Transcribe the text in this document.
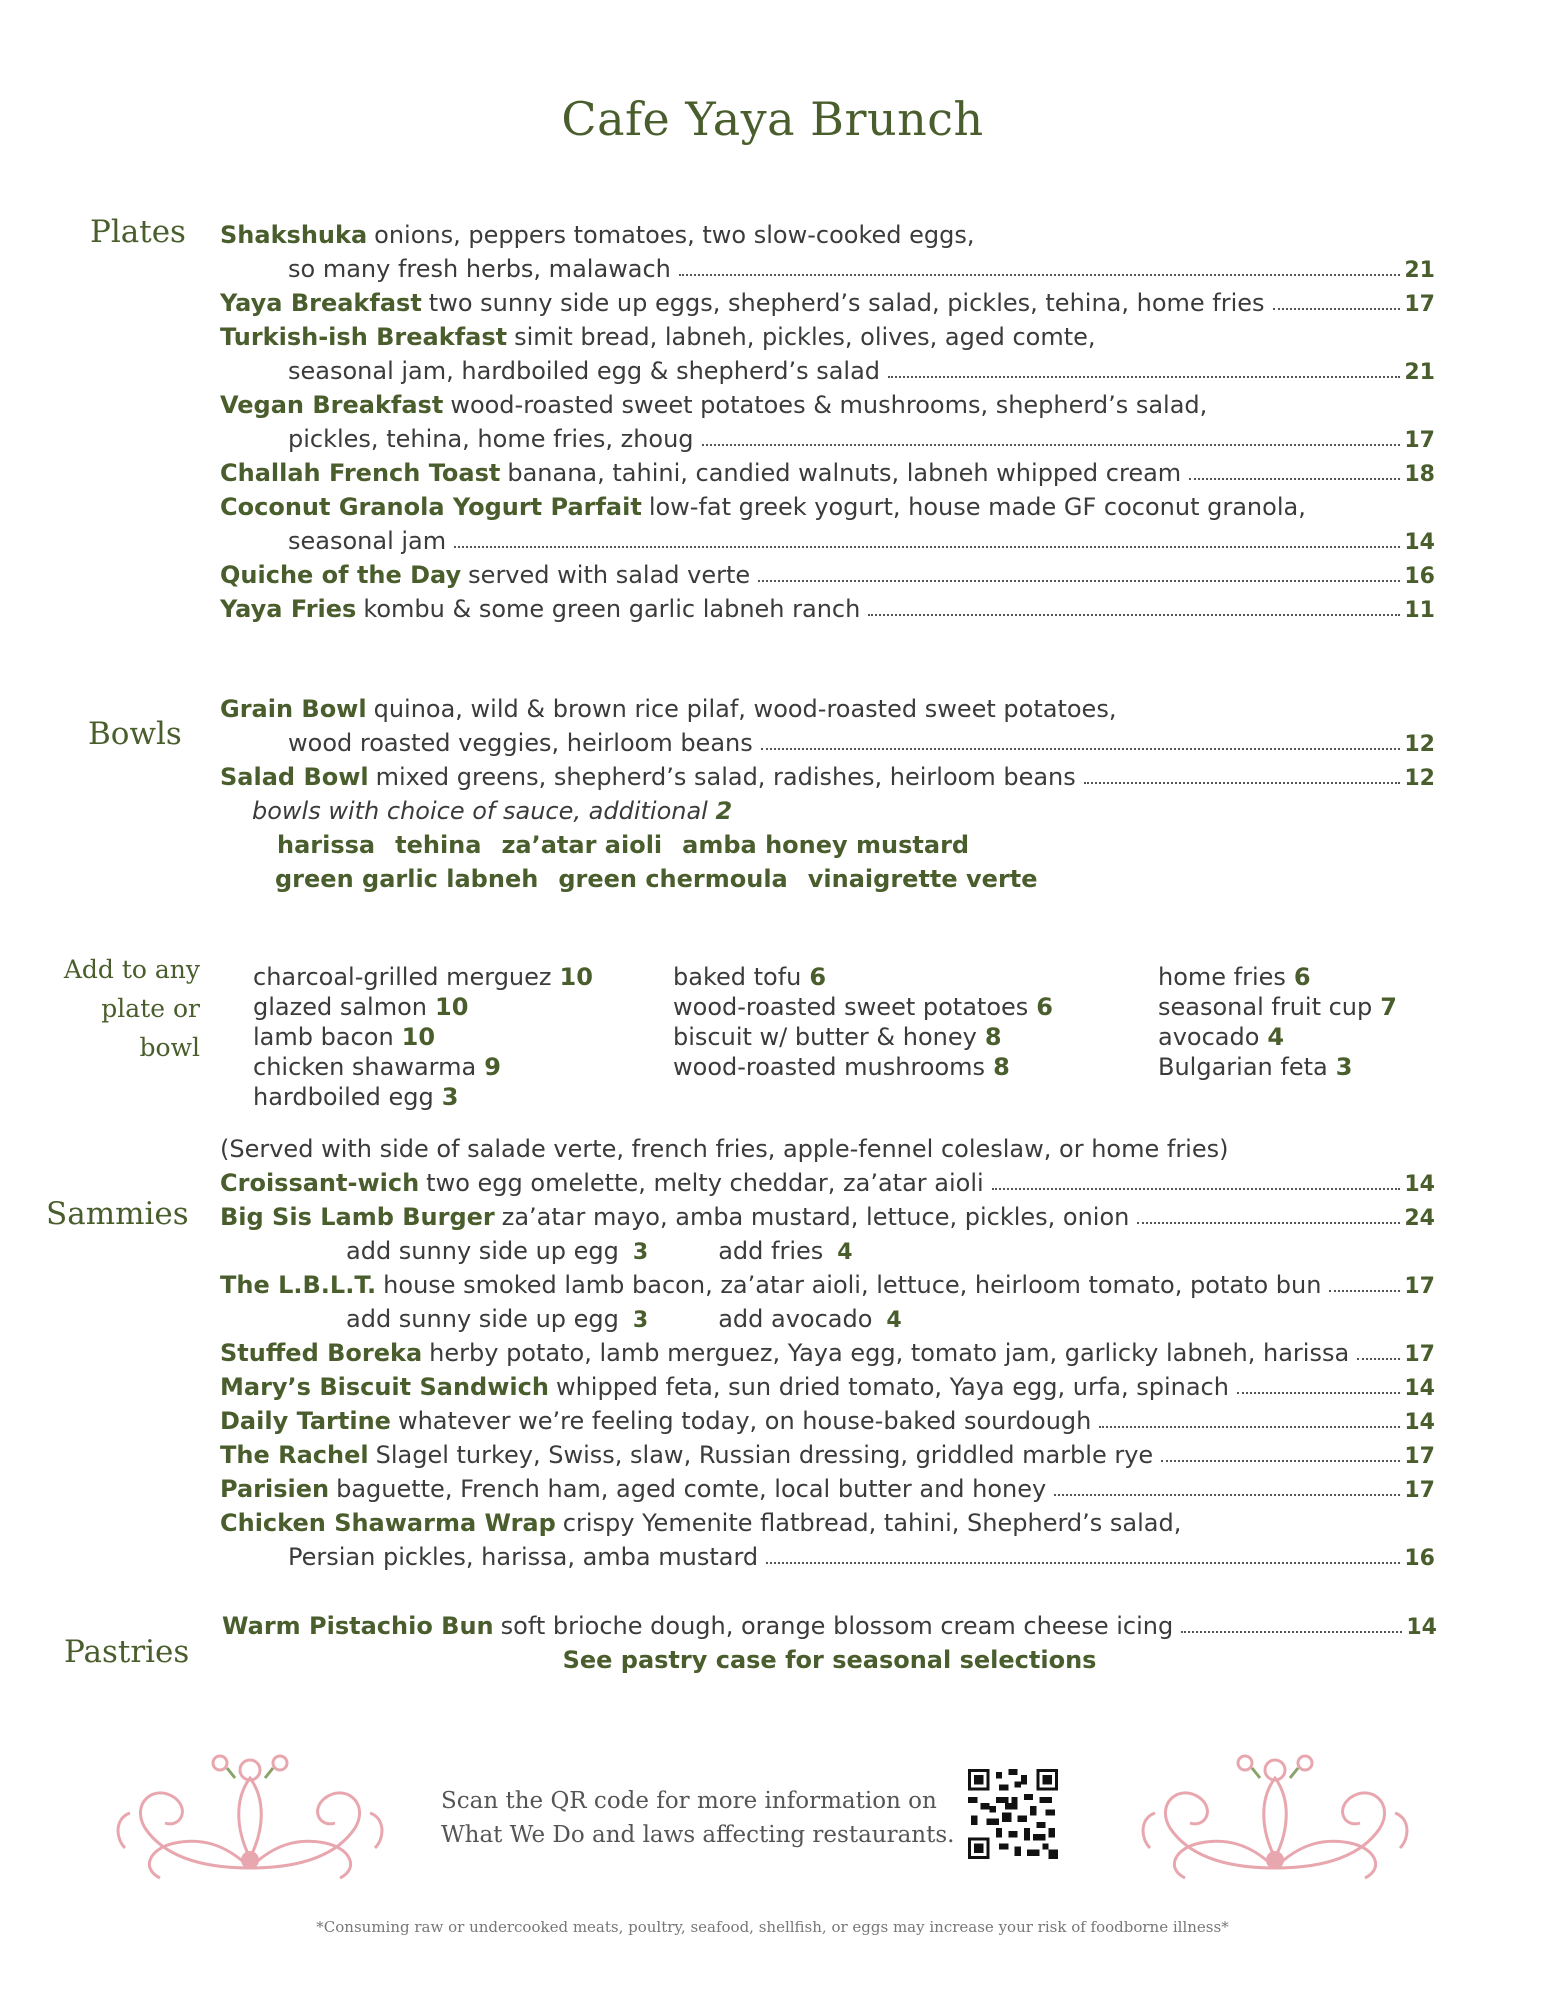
Cafe Yaya Brunch
Plates
Bowls
Add to any
plate or bowl
Sammies
Pastries
Shakshuka onions, peppers tomatoes, two slow-cooked eggs,
so many fresh herbs, malawach	21
Yaya Breakfast two sunny side up eggs, shepherd’s salad, pickles, tehina, home fries	17
Turkish-ish Breakfast simit bread, labneh, pickles, olives, aged comte,
seasonal jam, hardboiled egg & shepherd’s salad	21
Vegan Breakfast wood-roasted sweet potatoes & mushrooms, shepherd’s salad,
pickles, tehina, home fries, zhoug	17
Challah French Toast banana, tahini, candied walnuts, labneh whipped cream	18
Coconut Granola Yogurt Parfait low-fat greek yogurt, house made GF coconut granola,
seasonal jam	14
Quiche of the Day served with salad verte	16
Yaya Fries kombu & some green garlic labneh ranch	11
Grain Bowl quinoa, wild & brown rice pilaf, wood-roasted sweet potatoes,
wood roasted veggies, heirloom beans	12
Salad Bowl mixed greens, shepherd’s salad, radishes, heirloom beans	12
bowls with choice of sauce, additional
2
harissa tehina za’atar aioli amba honey mustard
green garlic labneh green chermoula vinaigrette verte
charcoal-grilled merguez 10
glazed salmon 10
lamb bacon 10
chicken shawarma 9
hardboiled egg 3
baked tofu 6
wood-roasted sweet potatoes 6
biscuit w/ butter & honey 8
wood-roasted mushrooms 8
home fries 6
seasonal fruit cup 7
avocado 4
Bulgarian feta 3
(Served with side of salade verte, french fries, apple-fennel coleslaw, or home fries)
Croissant-wich two egg omelette, melty cheddar, za’atar aioli	14
Big Sis Lamb Burger za’atar mayo, amba mustard, lettuce, pickles, onion	24
add sunny side up egg 3	add fries 4
The L.B.L.T. house smoked lamb bacon, za’atar aioli, lettuce, heirloom tomato, potato bun	17
add sunny side up egg 3	add avocado 4
Stuffed Boreka herby potato, lamb merguez, Yaya egg, tomato jam, garlicky labneh, harissa	17
Mary’s Biscuit Sandwich whipped feta, sun dried tomato, Yaya egg, urfa, spinach	14
Daily Tartine whatever we’re feeling today, on house-baked sourdough	14
The Rachel Slagel turkey, Swiss, slaw, Russian dressing, griddled marble rye	17
Parisien baguette, French ham, aged comte, local butter and honey	17
Chicken Shawarma Wrap crispy Yemenite flatbread, tahini, Shepherd’s salad,
Persian pickles, harissa, amba mustard	16
Warm Pistachio Bun soft brioche dough, orange blossom cream cheese icing	14
See pastry case for seasonal selections
Scan the QR code for more information on
What We Do and laws affecting restaurants.
*Consuming raw or undercooked meats, poultry, seafood, shellfish, or eggs may increase your risk of foodborne illness*
